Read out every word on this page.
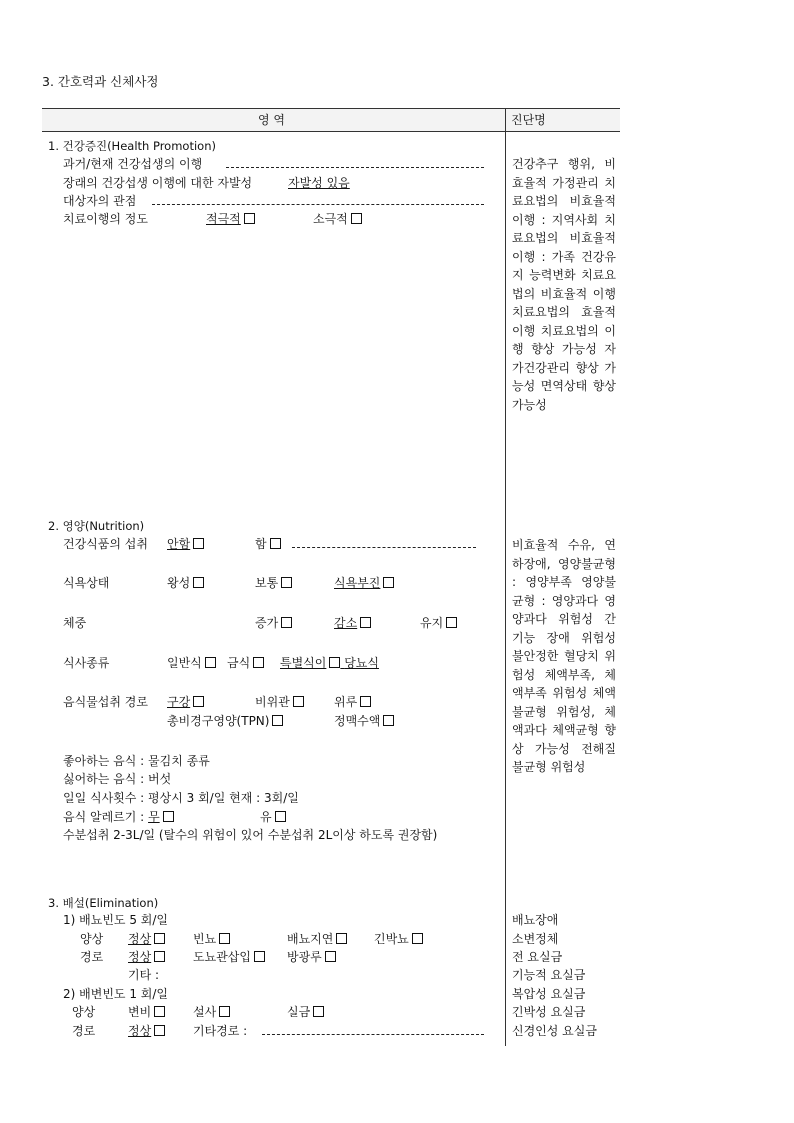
3. 간호력과 신체사정
영 역	진단명
1. 건강증진(Health Promotion)
과거/현재 건강섭생의 이행
장래의 건강섭생 이행에 대한 자발성	자발성 있음
대상자의 관점
치료이행의 정도	적극적	소극적
건강추구 행위, 비효율적 가정관리 치료요법의 비효율적 이행 : 지역사회 치료요법의 비효율적 이행 : 가족 건강유지 능력변화 치료요법의 비효율적 이행 치료요법의 효율적 이행 치료요법의 이행 향상 가능성 자가건강관리 향상 가능성 면역상태 향상 가능성
2. 영양(Nutrition)
건강식품의 섭취 안함	함
식욕상태	왕성	보통	식욕부진
체중	증가	감소	유지
식사종류	일반식	금식	특별식이 당뇨식
음식물섭취 경로 구강	비위관	위루
총비경구영양(TPN)	정맥수액
좋아하는 음식 : 물김치 종류
싫어하는 음식 : 버섯
일일 식사횟수 : 평상시 3 회/일 현재 : 3회/일
음식 알레르기 : 무	유
수분섭취 2-3L/일 (탈수의 위험이 있어 수분섭취 2L이상 하도록 권장함)
비효율적 수유, 연하장애, 영양불균형 : 영양부족 영양불균형 : 영양과다 영양과다 위험성 간 기능 장애 위험성 불안정한 혈당치 위험성 체액부족, 체액부족 위험성 체액불균형 위험성, 체액과다 체액균형 향상 가능성 전해질 불균형 위험성
3. 배설(Elimination)
1) 배뇨빈도 5 회/일
양상 정상	빈뇨	배뇨지연	긴박뇨
경로 정상	도뇨관삽입	방광루
기타 :
2) 배변빈도 1 회/일
양상	변비	설사	실금
경로	정상	기타경로 :
배뇨장애
소변정체
전 요실금
기능적 요실금
복압성 요실금
긴박성 요실금
신경인성 요실금
